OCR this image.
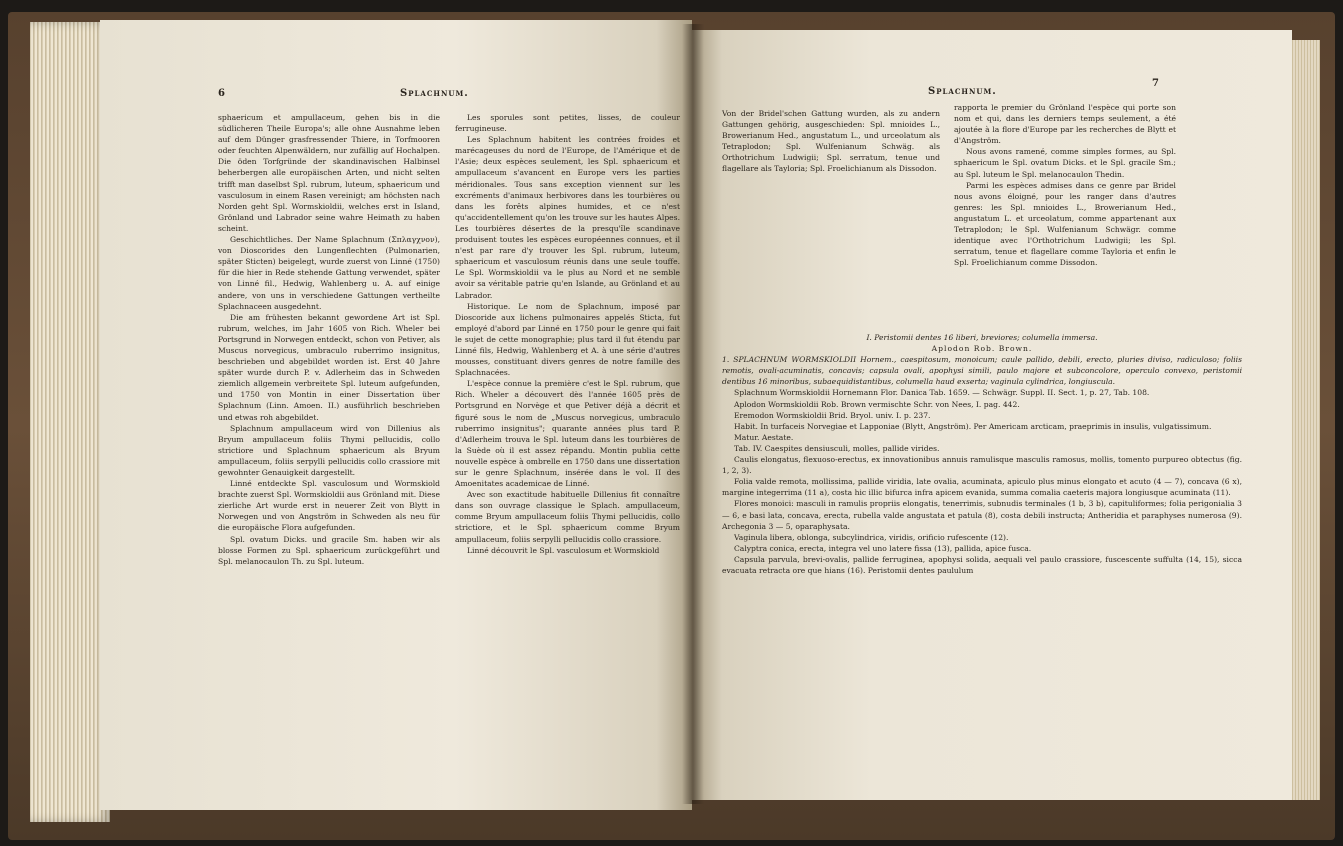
6	Splachnum.

sphaericum et ampullaceum, gehen bis in die südlicheren Theile Europa's; alle ohne Ausnahme leben auf dem Dünger grasfressender Thiere, in Torfmooren oder feuchten Alpenwäldern, nur zufällig auf Hochalpen. Die öden Torfgründe der skandinavischen Halbinsel beherbergen alle europäischen Arten, und nicht selten trifft man daselbst Spl. rubrum, luteum, sphaericum und vasculosum in einem Rasen vereinigt; am höchsten nach Norden geht Spl. Wormskioldii, welches erst in Island, Grönland und Labrador seine wahre Heimath zu haben scheint.

Geschichtliches. Der Name Splachnum (Σπλαγχνον), von Dioscorides den Lungenflechten (Pulmonarien, später Sticten) beigelegt, wurde zuerst von Linné (1750) für die hier in Rede stehende Gattung verwendet, später von Linné fil., Hedwig, Wahlenberg u. A. auf einige andere, von uns in verschiedene Gattungen vertheilte Splachnaceen ausgedehnt.

Die am frühesten bekannt gewordene Art ist Spl. rubrum, welches, im Jahr 1605 von Rich. Wheler bei Portsgrund in Norwegen entdeckt, schon von Petiver, als Muscus norvegicus, umbraculo ruberrimo insignitus, beschrieben und abgebildet worden ist. Erst 40 Jahre später wurde durch P. v. Adlerheim das in Schweden ziemlich allgemein verbreitete Spl. luteum aufgefunden, und 1750 von Montin in einer Dissertation über Splachnum (Linn. Amoen. II.) ausführlich beschrieben und etwas roh abgebildet.

Splachnum ampullaceum wird von Dillenius als Bryum ampullaceum foliis Thymi pellucidis, collo strictiore und Splachnum sphaericum als Bryum ampullaceum, foliis serpylli pellucidis collo crassiore mit gewohnter Genauigkeit dargestellt.

Linné entdeckte Spl. vasculosum und Wormskiold brachte zuerst Spl. Wormskioldii aus Grönland mit. Diese zierliche Art wurde erst in neuerer Zeit von Blytt in Norwegen und von Angström in Schweden als neu für die europäische Flora aufgefunden.

Spl. ovatum Dicks. und gracile Sm. haben wir als blosse Formen zu Spl. sphaericum zurückgeführt und Spl. melanocaulon Th. zu Spl. luteum.

Les sporules sont petites, lisses, de couleur ferrugineuse.

Les Splachnum habitent les contrées froides et marécageuses du nord de l'Europe, de l'Amérique et de l'Asie; deux espèces seulement, les Spl. sphaericum et ampullaceum s'avancent en Europe vers les parties méridionales. Tous sans exception viennent sur les excréments d'animaux herbivores dans les tourbières ou dans les forêts alpines humides, et ce n'est qu'accidentellement qu'on les trouve sur les hautes Alpes. Les tourbières désertes de la presqu'île scandinave produisent toutes les espèces européennes connues, et il n'est par rare d'y trouver les Spl. rubrum, luteum, sphaericum et vasculosum réunis dans une seule touffe. Le Spl. Wormskioldii va le plus au Nord et ne semble avoir sa véritable patrie qu'en Islande, au Grönland et au Labrador.

Historique. Le nom de Splachnum, imposé par Dioscoride aux lichens pulmonaires appelés Sticta, fut employé d'abord par Linné en 1750 pour le genre qui fait le sujet de cette monographie; plus tard il fut étendu par Linné fils, Hedwig, Wahlenberg et A. à une série d'autres mousses, constituant divers genres de notre famille des Splachnacées.

L'espèce connue la première c'est le Spl. rubrum, que Rich. Wheler a découvert dès l'année 1605 près de Portsgrund en Norvège et que Petiver déjà a décrit et figuré sous le nom de „Muscus norvegicus, umbraculo ruberrimo insignitus"; quarante années plus tard P. d'Adlerheim trouva le Spl. luteum dans les tourbières de la Suède où il est assez répandu. Montin publia cette nouvelle espèce à ombrelle en 1750 dans une dissertation sur le genre Splachnum, insérée dans le vol. II des Amoenitates academicae de Linné.

Avec son exactitude habituelle Dillenius fit connaître dans son ouvrage classique le Splach. ampullaceum, comme Bryum ampullaceum foliis Thymi pellucidis, collo strictiore, et le Spl. sphaericum comme Bryum ampullaceum, foliis serpylli pellucidis collo crassiore.

Linné découvrit le Spl. vasculosum et Wormskiold

Splachnum.
7

Von der Bridel'schen Gattung wurden, als zu andern Gattungen gehörig, ausgeschieden: Spl. mnioides L., Browerianum Hed., angustatum L., und urceolatum als Tetraplodon; Spl. Wulfenianum Schwäg. als Orthotrichum Ludwigii; Spl. serratum, tenue und flagellare als Tayloria; Spl. Froelichianum als Dissodon.

rapporta le premier du Grönland l'espèce qui porte son nom et qui, dans les derniers temps seulement, a été ajoutée à la flore d'Europe par les recherches de Blytt et d'Angström.

Nous avons ramené, comme simples formes, au Spl. sphaericum le Spl. ovatum Dicks. et le Spl. gracile Sm.; au Spl. luteum le Spl. melanocaulon Thedin.

Parmi les espèces admises dans ce genre par Bridel nous avons éloigné, pour les ranger dans d'autres genres: les Spl. mnioides L., Browerianum Hed., angustatum L. et urceolatum, comme appartenant aux Tetraplodon; le Spl. Wulfenianum Schwägr. comme identique avec l'Orthotrichum Ludwigii; les Spl. serratum, tenue et flagellare comme Tayloria et enfin le Spl. Froelichianum comme Dissodon.

I. Peristomii dentes 16 liberi, breviores; columella immersa.

Aplodon Rob. Brown.

1. SPLACHNUM WORMSKIOLDII Hornem., caespitosum, monoicum; caule pallido, debili, erecto, pluries diviso, radiculoso; foliis remotis, ovali-acuminatis, concavis; capsula ovali, apophysi simili, paulo majore et subconcolore, operculo convexo, peristomii dentibus 16 minoribus, subaequidistantibus, columella haud exserta; vaginula cylindrica, longiuscula.

Splachnum Wormskioldii Hornemann Flor. Danica Tab. 1659. — Schwägr. Suppl. II. Sect. 1, p. 27, Tab. 108.

Aplodon Wormskioldii Rob. Brown vermischte Schr. von Nees, I. pag. 442.

Eremodon Wormskioldii Brid. Bryol. univ. I. p. 237.

Habit. In turfaceis Norvegiae et Lapponiae (Blytt, Angström). Per Americam arcticam, praeprimis in insulis, vulgatissimum.

Matur. Aestate.

Tab. IV. Caespites densiusculi, molles, pallide virides.

Caulis elongatus, flexuoso-erectus, ex innovationibus annuis ramulisque masculis ramosus, mollis, tomento purpureo obtectus (fig. 1, 2, 3).

Folia valde remota, mollissima, pallide viridia, late ovalia, acuminata, apiculo plus minus elongato et acuto (4 — 7), concava (6 x), margine integerrima (11 a), costa hic illic bifurca infra apicem evanida, summa comalia caeteris majora longiusque acuminata (11).

Flores monoici: masculi in ramulis propriis elongatis, tenerrimis, subnudis terminales (1 b, 3 b), capituliformes; folia perigonialia 3 — 6, e basi lata, concava, erecta, rubella valde angustata et patula (8), costa debili instructa; Antheridia et paraphyses numerosa (9). Archegonia 3 — 5, oparaphysata.

Vaginula libera, oblonga, subcylindrica, viridis, orificio rufescente (12).

Calyptra conica, erecta, integra vel uno latere fissa (13), pallida, apice fusca.

Capsula parvula, brevi-ovalis, pallide ferruginea, apophysi solida, aequali vel paulo crassiore, fuscescente suffulta (14, 15), sicca evacuata retracta ore que hians (16). Peristomii dentes paululum
